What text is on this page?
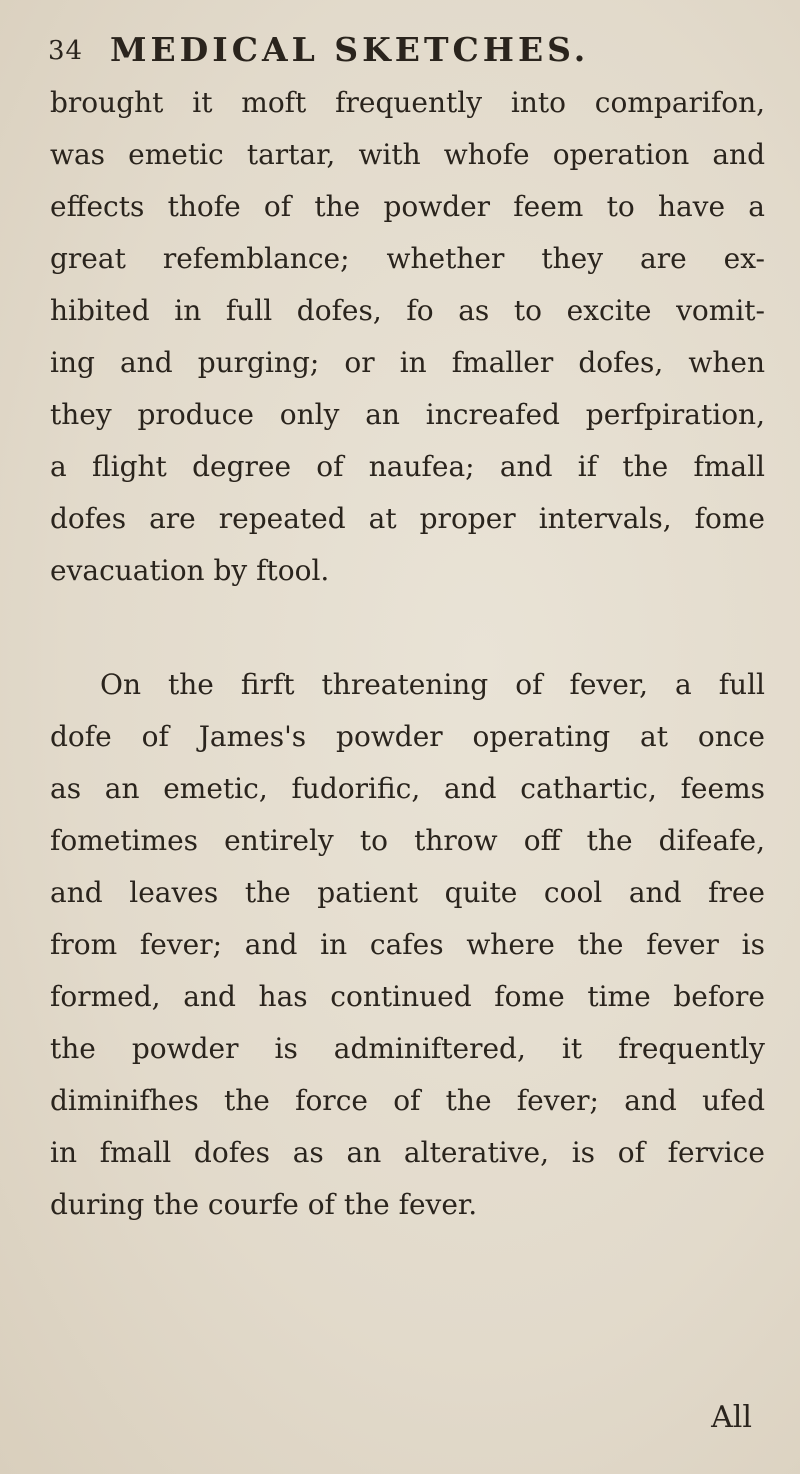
34 MEDICAL SKETCHES.
brought it moft frequently into comparifon,
was emetic tartar, with whofe operation and
effects thofe of the powder feem to have a
great refemblance; whether they are ex-
hibited in full dofes, fo as to excite vomit-
ing and purging; or in fmaller dofes, when
they produce only an increafed perfpiration,
a flight degree of naufea; and if the fmall
dofes are repeated at proper intervals, fome
evacuation by ftool.
On the firft threatening of fever, a full
dofe of James's powder operating at once
as an emetic, fudorific, and cathartic, feems
fometimes entirely to throw off the difeafe,
and leaves the patient quite cool and free
from fever; and in cafes where the fever is
formed, and has continued fome time before
the powder is adminiftered, it frequently
diminifhes the force of the fever; and ufed
in fmall dofes as an alterative, is of fervice
during the courfe of the fever.
All
